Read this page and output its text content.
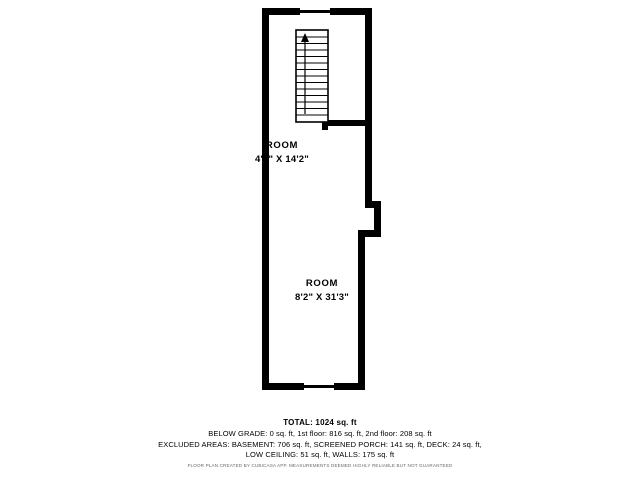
ROOM
4'9" X 14'2"
ROOM
8'2" X 31'3"
TOTAL: 1024 sq. ft
BELOW GRADE: 0 sq. ft, 1st floor: 816 sq. ft, 2nd floor: 208 sq. ft
EXCLUDED AREAS: BASEMENT: 706 sq. ft, SCREENED PORCH: 141 sq. ft, DECK: 24 sq. ft,
LOW CEILING: 51 sq. ft, WALLS: 175 sq. ft
FLOOR PLAN CREATED BY CUBICASA APP. MEASUREMENTS DEEMED HIGHLY RELIABLE BUT NOT GUARANTEED
